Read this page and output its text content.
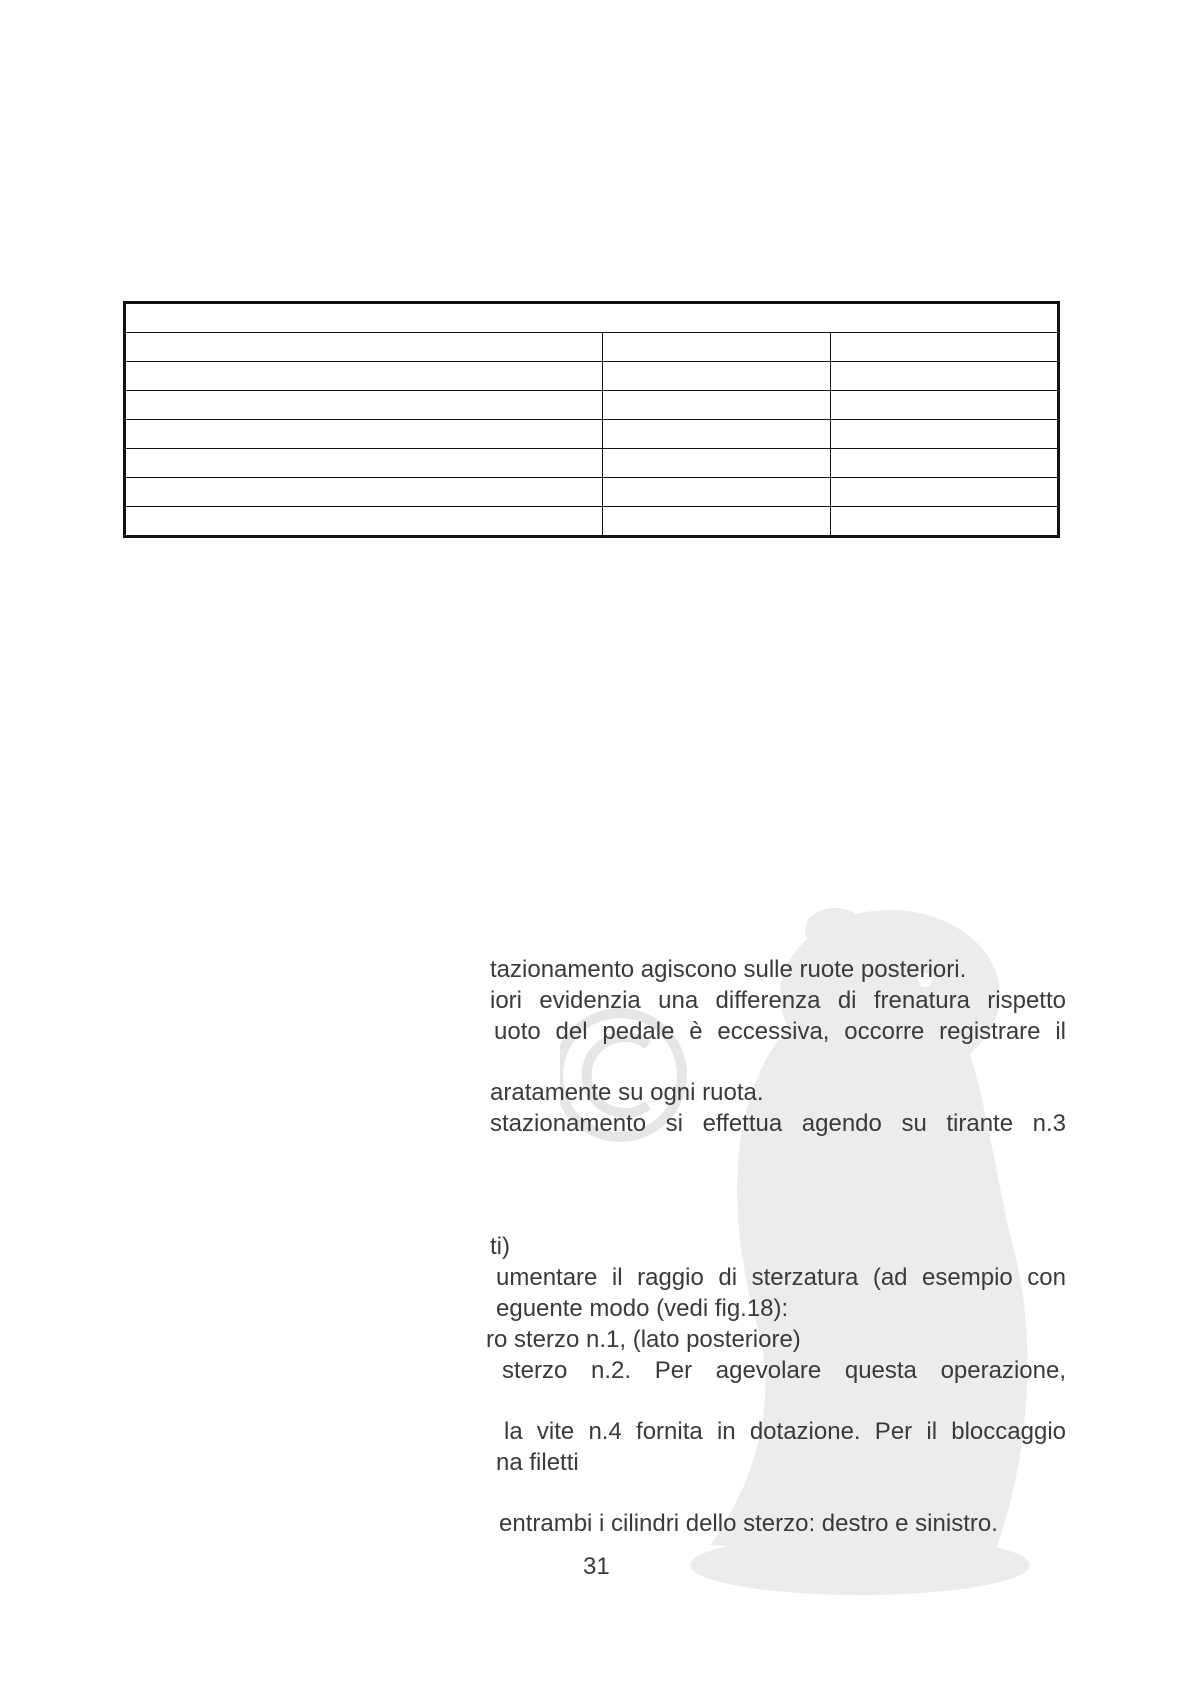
tazionamento agiscono sulle ruote posteriori.
iori evidenzia una differenza di frenatura rispetto
uoto del pedale è eccessiva, occorre registrare il
aratamente su ogni ruota.
stazionamento si effettua agendo su tirante n.3
ti)
umentare il raggio di sterzatura (ad esempio con
eguente modo (vedi fig.18):
ro sterzo n.1, (lato posteriore)
sterzo n.2. Per agevolare questa operazione,
la vite n.4 fornita in dotazione. Per il bloccaggio
na filetti
entrambi i cilindri dello sterzo: destro e sinistro.
31
